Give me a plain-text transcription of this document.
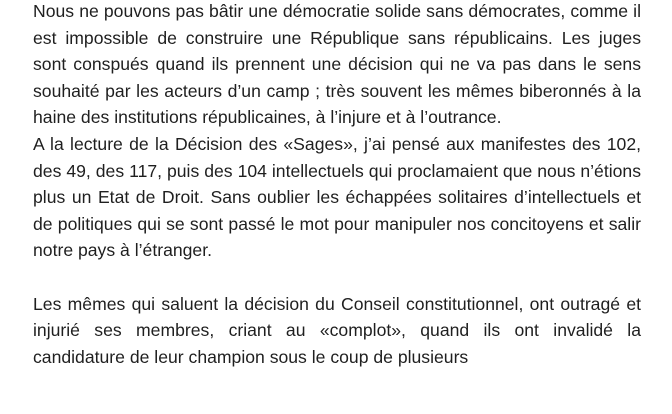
Nous ne pouvons pas bâtir une démocratie solide sans démocrates, comme il est impossible de construire une République sans républicains. Les juges sont conspués quand ils prennent une décision qui ne va pas dans le sens souhaité par les acteurs d’un camp ; très souvent les mêmes biberonnés à la haine des institutions républicaines, à l’injure et à l’outrance.

A la lecture de la Décision des «Sages», j’ai pensé aux manifestes des 102, des 49, des 117, puis des 104 intellectuels qui proclamaient que nous n’étions plus un Etat de Droit. Sans oublier les échappées solitaires d’intellectuels et de politiques qui se sont passé le mot pour manipuler nos concitoyens et salir notre pays à l’étranger.

Les mêmes qui saluent la décision du Conseil constitutionnel, ont outragé et injurié ses membres, criant au «complot», quand ils ont invalidé la candidature de leur champion sous le coup de plusieurs
